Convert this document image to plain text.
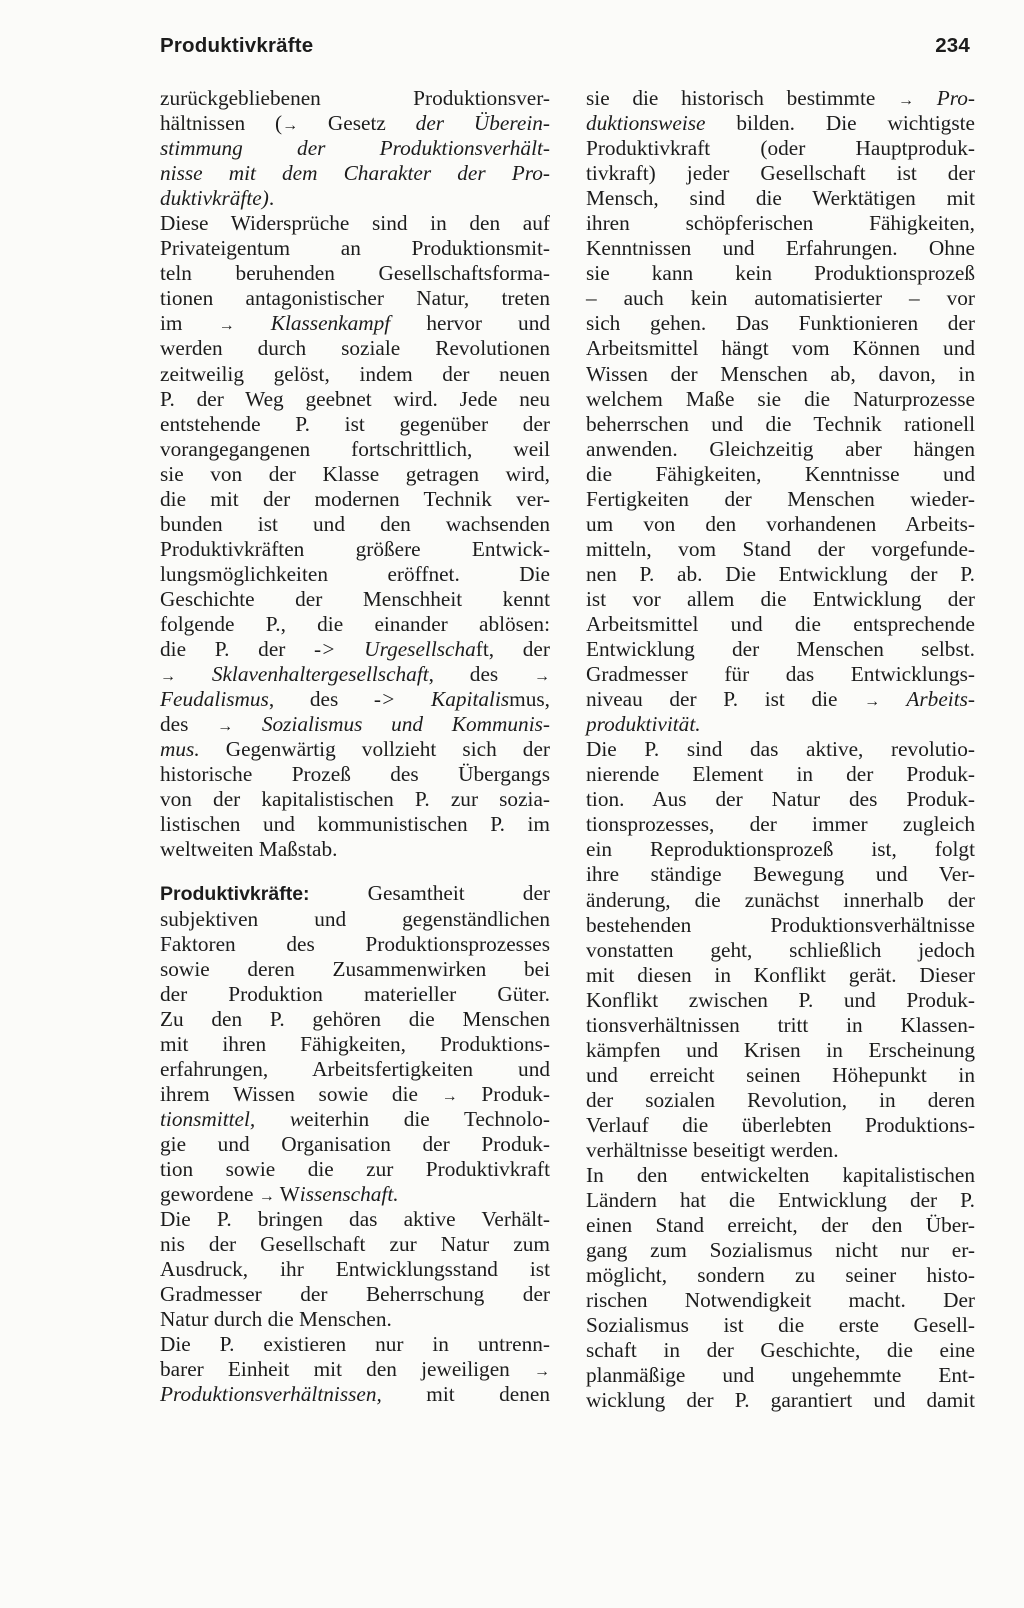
Produktivkräfte	234
zurückgebliebenen Produktionsver-
hältnissen (→ Gesetz der Überein-
stimmung der Produktionsverhält-
nisse mit dem Charakter der Pro-
duktivkräfte).
Diese Widersprüche sind in den auf
Privateigentum an Produktionsmit-
teln beruhenden Gesellschaftsforma-
tionen antagonistischer Natur, treten
im → Klassenkampf hervor und
werden durch soziale Revolutionen
zeitweilig gelöst, indem der neuen
P. der Weg geebnet wird. Jede neu
entstehende P. ist gegenüber der
vorangegangenen fortschrittlich, weil
sie von der Klasse getragen wird,
die mit der modernen Technik ver-
bunden ist und den wachsenden
Produktivkräften größere Entwick-
lungsmöglichkeiten eröffnet. Die
Geschichte der Menschheit kennt
folgende P., die einander ablösen:
die P. der -> Urgesellschaft, der
→ Sklavenhaltergesellschaft, des →
Feudalismus, des -> Kapitalismus,
des → Sozialismus und Kommunis-
mus. Gegenwärtig vollzieht sich der
historische Prozeß des Übergangs
von der kapitalistischen P. zur sozia-
listischen und kommunistischen P. im
weltweiten Maßstab.
Produktivkräfte: Gesamtheit der
subjektiven und gegenständlichen
Faktoren des Produktionsprozesses
sowie deren Zusammenwirken bei
der Produktion materieller Güter.
Zu den P. gehören die Menschen
mit ihren Fähigkeiten, Produktions-
erfahrungen, Arbeitsfertigkeiten und
ihrem Wissen sowie die → Produk-
tionsmittel, weiterhin die Technolo-
gie und Organisation der Produk-
tion sowie die zur Produktivkraft
gewordene → Wissenschaft.
Die P. bringen das aktive Verhält-
nis der Gesellschaft zur Natur zum
Ausdruck, ihr Entwicklungsstand ist
Gradmesser der Beherrschung der
Natur durch die Menschen.
Die P. existieren nur in untrenn-
barer Einheit mit den jeweiligen →
Produktionsverhältnissen, mit denen
sie die historisch bestimmte → Pro-
duktionsweise bilden. Die wichtigste
Produktivkraft (oder Hauptproduk-
tivkraft) jeder Gesellschaft ist der
Mensch, sind die Werktätigen mit
ihren schöpferischen Fähigkeiten,
Kenntnissen und Erfahrungen. Ohne
sie kann kein Produktionsprozeß
– auch kein automatisierter – vor
sich gehen. Das Funktionieren der
Arbeitsmittel hängt vom Können und
Wissen der Menschen ab, davon, in
welchem Maße sie die Naturprozesse
beherrschen und die Technik rationell
anwenden. Gleichzeitig aber hängen
die Fähigkeiten, Kenntnisse und
Fertigkeiten der Menschen wieder-
um von den vorhandenen Arbeits-
mitteln, vom Stand der vorgefunde-
nen P. ab. Die Entwicklung der P.
ist vor allem die Entwicklung der
Arbeitsmittel und die entsprechende
Entwicklung der Menschen selbst.
Gradmesser für das Entwicklungs-
niveau der P. ist die → Arbeits-
produktivität.
Die P. sind das aktive, revolutio-
nierende Element in der Produk-
tion. Aus der Natur des Produk-
tionsprozesses, der immer zugleich
ein Reproduktionsprozeß ist, folgt
ihre ständige Bewegung und Ver-
änderung, die zunächst innerhalb der
bestehenden Produktionsverhältnisse
vonstatten geht, schließlich jedoch
mit diesen in Konflikt gerät. Dieser
Konflikt zwischen P. und Produk-
tionsverhältnissen tritt in Klassen-
kämpfen und Krisen in Erscheinung
und erreicht seinen Höhepunkt in
der sozialen Revolution, in deren
Verlauf die überlebten Produktions-
verhältnisse beseitigt werden.
In den entwickelten kapitalistischen
Ländern hat die Entwicklung der P.
einen Stand erreicht, der den Über-
gang zum Sozialismus nicht nur er-
möglicht, sondern zu seiner histo-
rischen Notwendigkeit macht. Der
Sozialismus ist die erste Gesell-
schaft in der Geschichte, die eine
planmäßige und ungehemmte Ent-
wicklung der P. garantiert und damit
